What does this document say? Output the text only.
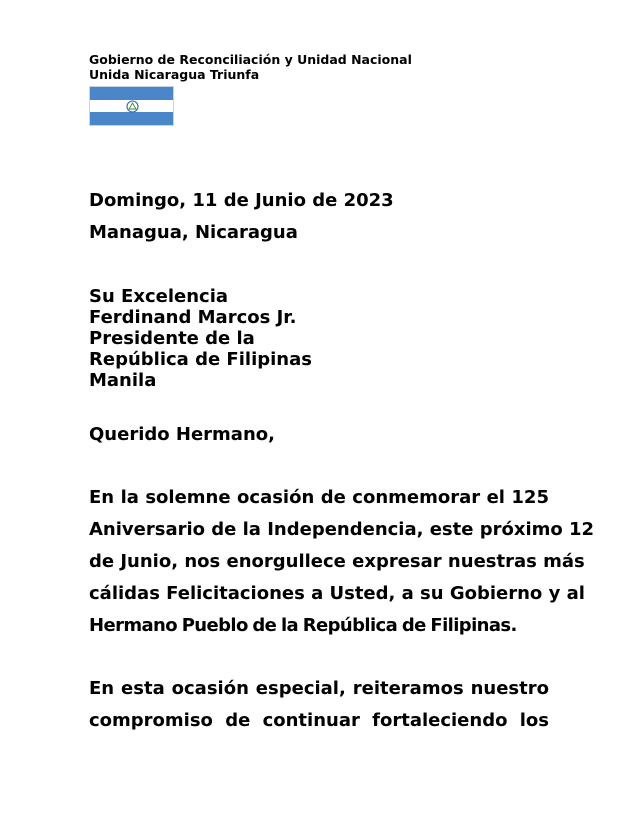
Gobierno de Reconciliación y Unidad Nacional
Unida Nicaragua Triunfa
Domingo, 11 de Junio de 2023
Managua, Nicaragua
Su Excelencia
Ferdinand Marcos Jr.
Presidente de la
República de Filipinas
Manila
Querido Hermano,
En la solemne ocasión de conmemorar el 125
Aniversario de la Independencia, este próximo 12
de Junio, nos enorgullece expresar nuestras más
cálidas Felicitaciones a Usted, a su Gobierno y al
Hermano Pueblo de la República de Filipinas.
En esta ocasión especial, reiteramos nuestro
compromiso de continuar fortaleciendo los
